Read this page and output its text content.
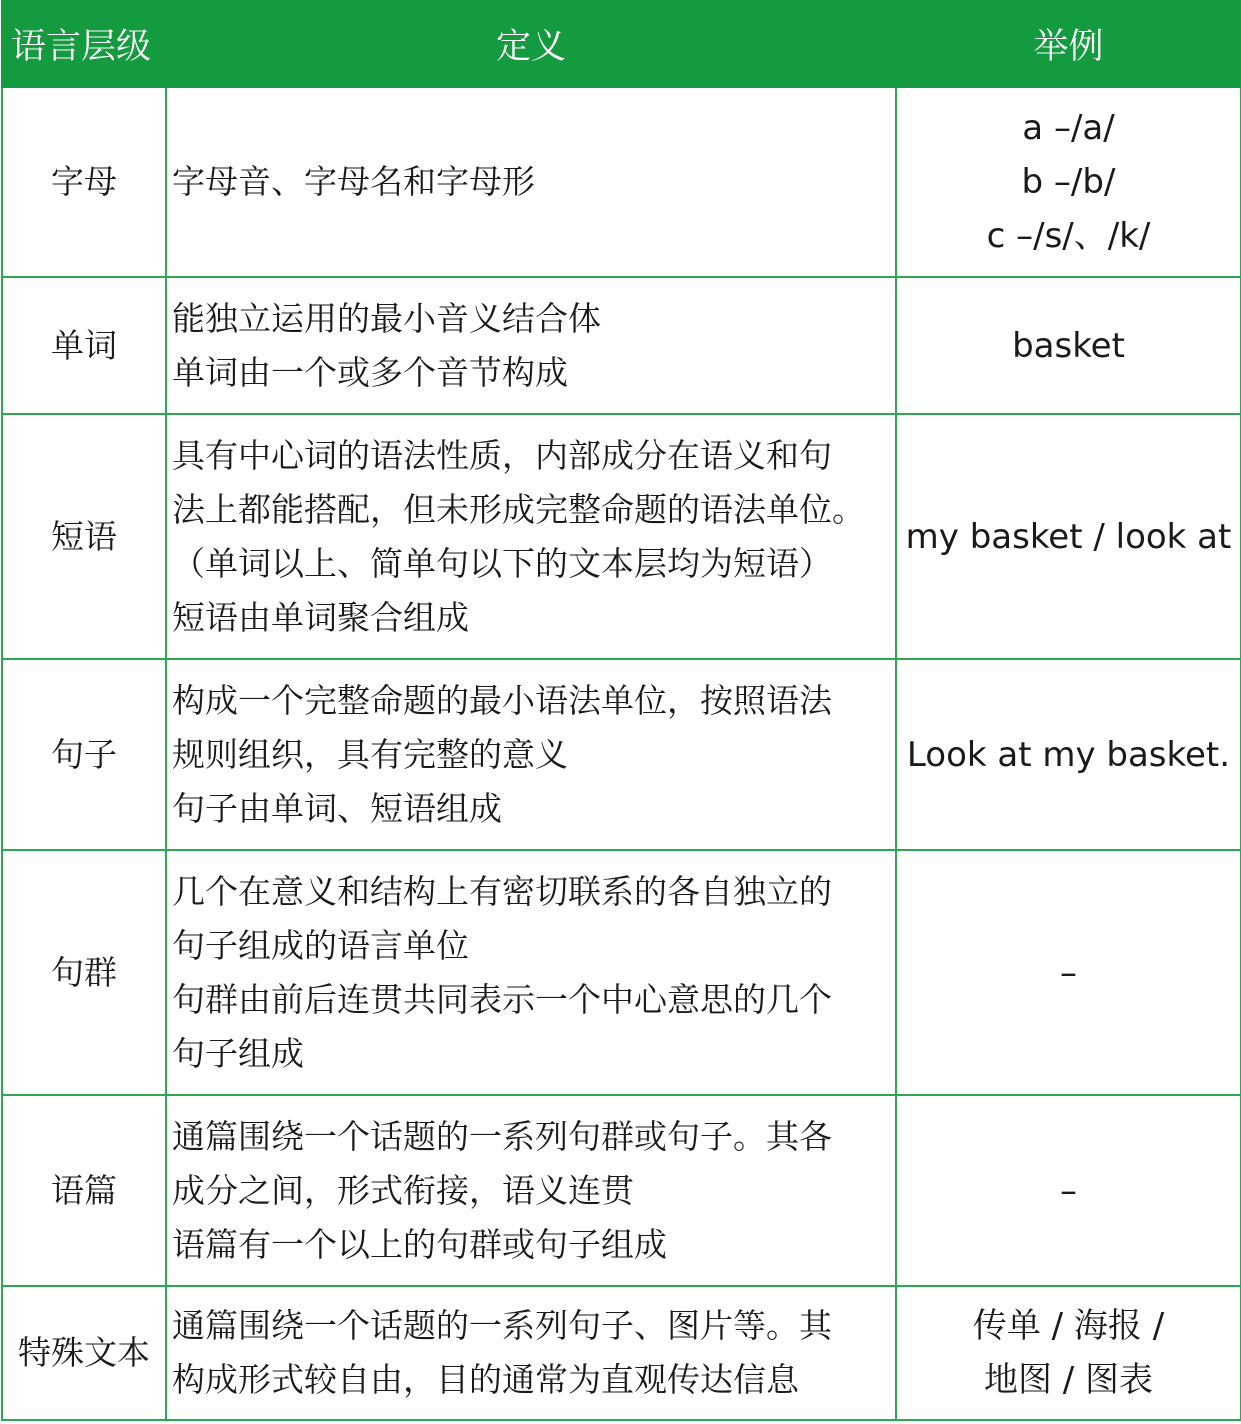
语言层级	定义	举例
字母	字母音、字母名和字母形	a –/a/
b –/b/
c –/s/、/k/

单词	能独立运用的最小音义结合体
单词由一个或多个音节构成	basket

短语	具有中心词的语法性质，内部成分在语义和句
法上都能搭配，但未形成完整命题的语法单位。
（单词以上、简单句以下的文本层均为短语）
短语由单词聚合组成	my basket / look at

句子	构成一个完整命题的最小语法单位，按照语法
规则组织，具有完整的意义
句子由单词、短语组成	Look at my basket.

句群	几个在意义和结构上有密切联系的各自独立的
句子组成的语言单位
句群由前后连贯共同表示一个中心意思的几个
句子组成	–

语篇	通篇围绕一个话题的一系列句群或句子。其各
成分之间，形式衔接，语义连贯
语篇有一个以上的句群或句子组成	–

特殊文本	通篇围绕一个话题的一系列句子、图片等。其
构成形式较自由，目的通常为直观传达信息	传单 / 海报 /
地图 / 图表
